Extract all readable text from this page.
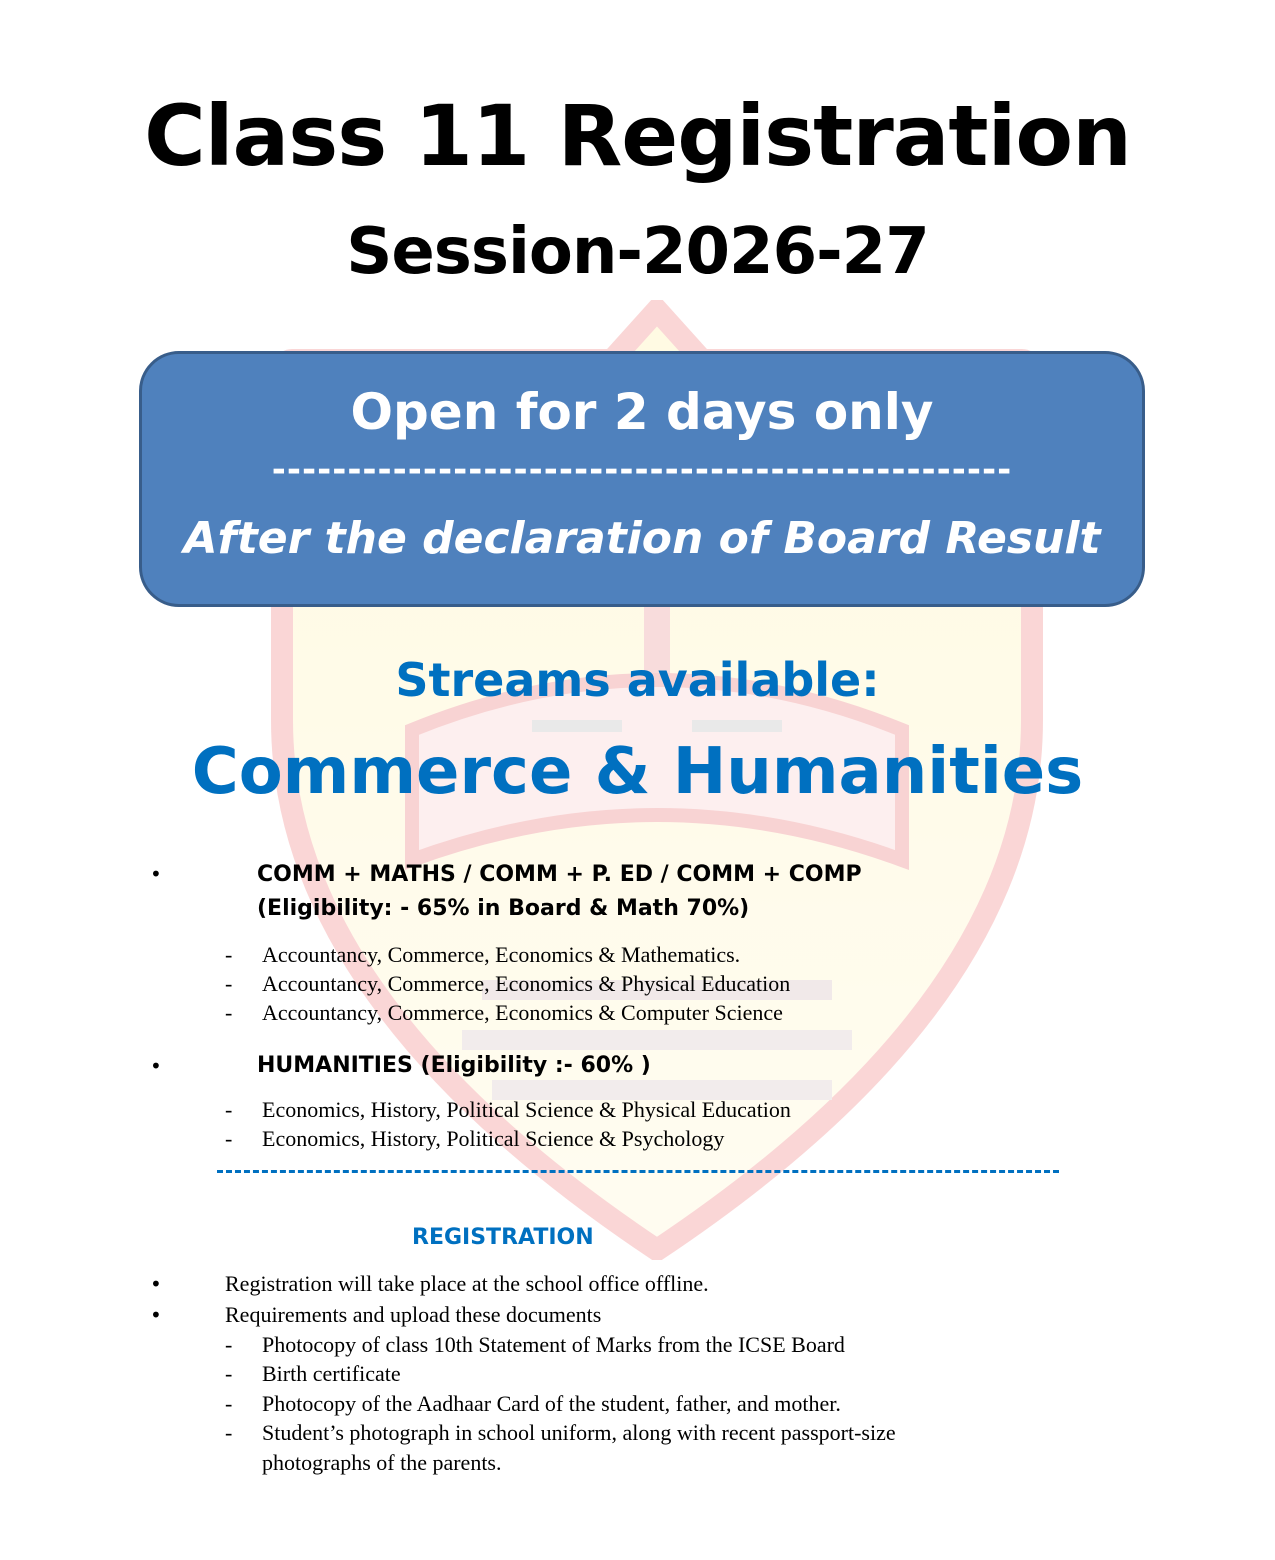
Class 11 Registration
Session-2026-27
Open for 2 days only
-------------------------------------------------
After the declaration of Board Result
Streams available:
Commerce & Humanities
•	COMM + MATHS / COMM + P. ED / COMM + COMP
(Eligibility: - 65% in Board & Math 70%)
- Accountancy, Commerce, Economics & Mathematics.
- Accountancy, Commerce, Economics & Physical Education
- Accountancy, Commerce, Economics & Computer Science
•	HUMANITIES (Eligibility :- 60% )
- Economics, History, Political Science & Physical Education
- Economics, History, Political Science & Psychology
REGISTRATION
•	Registration will take place at the school office offline.
•	Requirements and upload these documents
- Photocopy of class 10th Statement of Marks from the ICSE Board
- Birth certificate
- Photocopy of the Aadhaar Card of the student, father, and mother.
- Student’s photograph in school uniform, along with recent passport-size
photographs of the parents.
